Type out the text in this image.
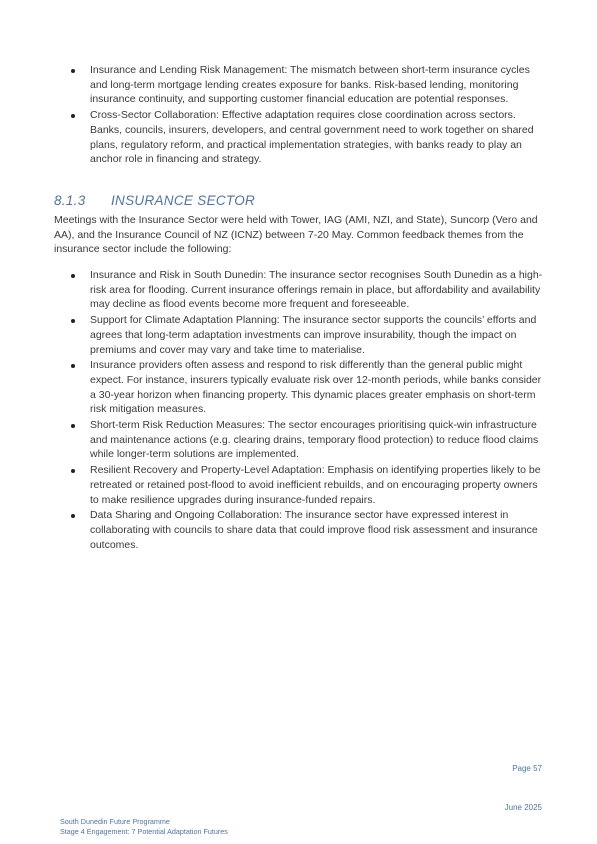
Insurance and Lending Risk Management: The mismatch between short-term insurance cycles and long-term mortgage lending creates exposure for banks. Risk-based lending, monitoring insurance continuity, and supporting customer financial education are potential responses.
Cross-Sector Collaboration: Effective adaptation requires close coordination across sectors. Banks, councils, insurers, developers, and central government need to work together on shared plans, regulatory reform, and practical implementation strategies, with banks ready to play an anchor role in financing and strategy.
8.1.3 INSURANCE SECTOR

Meetings with the Insurance Sector were held with Tower, IAG (AMI, NZI, and State), Suncorp (Vero and AA), and the Insurance Council of NZ (ICNZ) between 7-20 May. Common feedback themes from the insurance sector include the following:

Insurance and Risk in South Dunedin: The insurance sector recognises South Dunedin as a high-risk area for flooding. Current insurance offerings remain in place, but affordability and availability may decline as flood events become more frequent and foreseeable.
Support for Climate Adaptation Planning: The insurance sector supports the councils’ efforts and agrees that long-term adaptation investments can improve insurability, though the impact on premiums and cover may vary and take time to materialise.
Insurance providers often assess and respond to risk differently than the general public might expect. For instance, insurers typically evaluate risk over 12-month periods, while banks consider a 30-year horizon when financing property. This dynamic places greater emphasis on short-term risk mitigation measures.
Short-term Risk Reduction Measures: The sector encourages prioritising quick-win infrastructure and maintenance actions (e.g. clearing drains, temporary flood protection) to reduce flood claims while longer-term solutions are implemented.
Resilient Recovery and Property-Level Adaptation: Emphasis on identifying properties likely to be retreated or retained post-flood to avoid inefficient rebuilds, and on encouraging property owners to make resilience upgrades during insurance-funded repairs.
Data Sharing and Ongoing Collaboration: The insurance sector have expressed interest in collaborating with councils to share data that could improve flood risk assessment and insurance outcomes.
Page 57
June 2025
South Dunedin Future Programme
Stage 4 Engagement: 7 Potential Adaptation Futures
